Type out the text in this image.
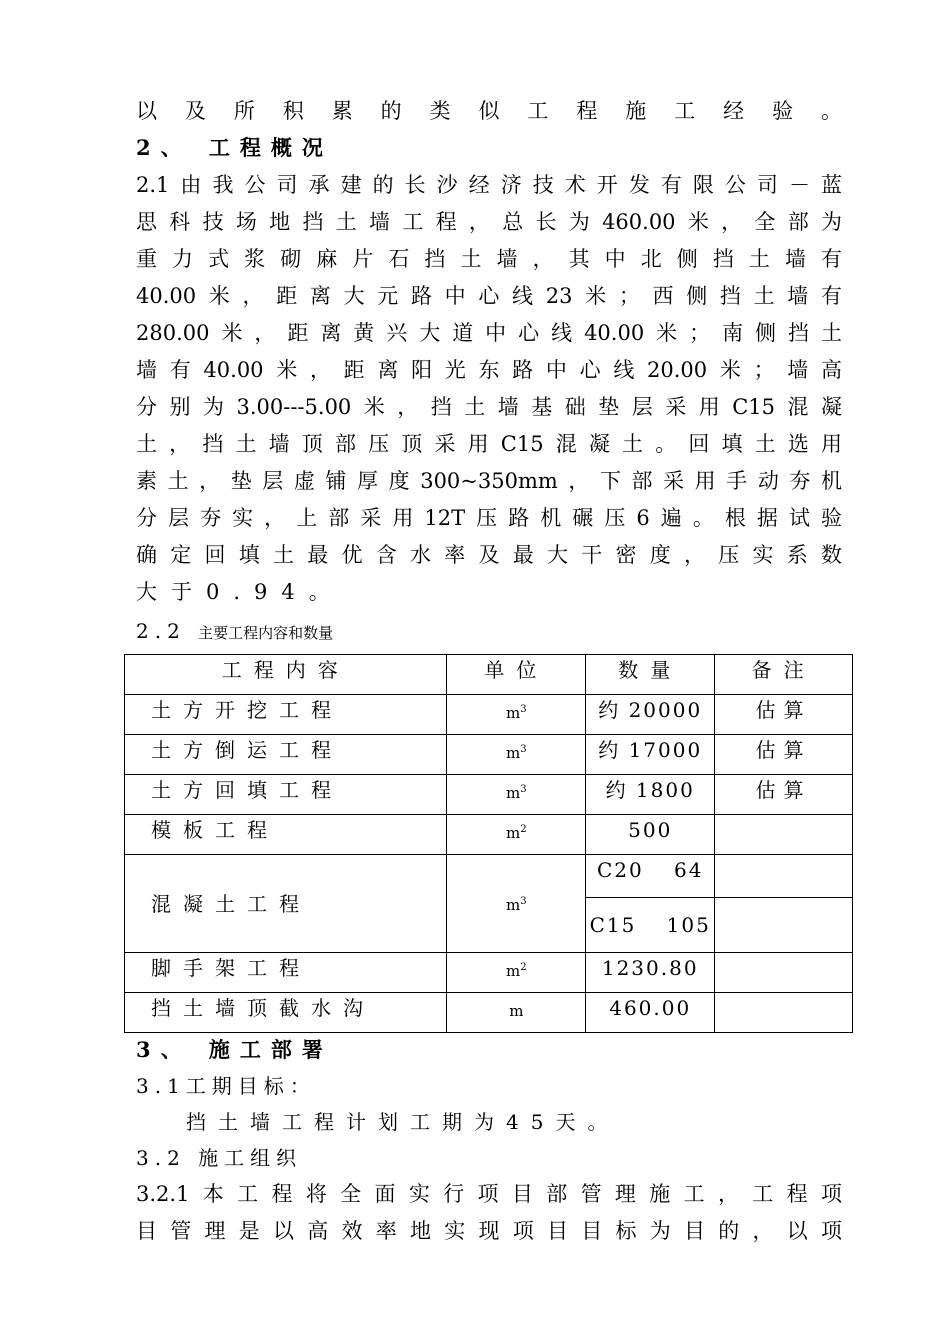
以及所积累的类似工程施工经验。
2、 工程概况
2.1由我公司承建的长沙经济技术开发有限公司－蓝
思科技场地挡土墙工程，总长为460.00米，全部为
重力式浆砌麻片石挡土墙，其中北侧挡土墙有
40.00米，距离大元路中心线23米；西侧挡土墙有
280.00米，距离黄兴大道中心线40.00米；南侧挡土
墙有40.00米，距离阳光东路中心线20.00米；墙高
分别为3.00---5.00米，挡土墙基础垫层采用C15混凝
土，挡土墙顶部压顶采用C15混凝土。回填土选用
素土，垫层虚铺厚度300~350mm，下部采用手动夯机
分层夯实，上部采用12T压路机碾压6遍。根据试验
确定回填土最优含水率及最大干密度，压实系数
大于0.94。
2.2 主要工程内容和数量
工程内容	单位	数量	备注
土方开挖工程	$m^3$	约 20000	估算
土方倒运工程	$m^3$	约 17000	估算
土方回填工程	$m^3$	约 1800	估算
模板工程	$m^2$	500	
混凝土工程	$m^3$	C20　 64	
		C15　 105	
脚手架工程	$m^2$	1230.80	
挡土墙顶截水沟	m	460.00	
3、 施工部署
3.1工期目标：
挡土墙工程计划工期为45天。
3.2 施工组织
3.2.1本工程将全面实行项目部管理施工，工程项
目管理是以高效率地实现项目目标为目的，以项
